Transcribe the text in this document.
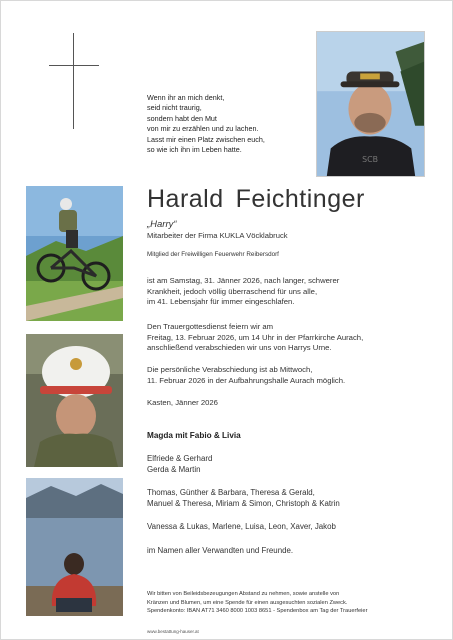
Wenn ihr an mich denkt,
seid nicht traurig,
sondern habt den Mut
von mir zu erzählen und zu lachen.
Lasst mir einen Platz zwischen euch,
so wie ich ihn im Leben hatte.
SCB
Harald Feichtinger
„Harry“
Mitarbeiter der Firma KUKLA Vöcklabruck
Mitglied der Freiwilligen Feuerwehr Reibersdorf
ist am Samstag, 31. Jänner 2026, nach langer, schwerer
Krankheit, jedoch völlig überraschend für uns alle,
im 41. Lebensjahr für immer eingeschlafen.
Den Trauergottesdienst feiern wir am
Freitag, 13. Februar 2026, um 14 Uhr in der Pfarrkirche Aurach,
anschließend verabschieden wir uns von Harrys Urne.
Die persönliche Verabschiedung ist ab Mittwoch,
11. Februar 2026 in der Aufbahrungshalle Aurach möglich.
Kasten, Jänner 2026
Magda mit Fabio & Livia
Elfriede & Gerhard
Gerda & Martin
Thomas, Günther & Barbara, Theresa & Gerald,
Manuel & Theresa, Miriam & Simon, Christoph & Katrin
Vanessa & Lukas, Marlene, Luisa, Leon, Xaver, Jakob
im Namen aller Verwandten und Freunde.
Wir bitten von Beileidsbezeugungen Abstand zu nehmen, sowie anstelle von
Kränzen und Blumen, um eine Spende für einen ausgesuchten sozialen Zweck.
Spendenkonto: IBAN AT71 3460 8000 1003 8651 - Spendenbox am Tag der Trauerfeier
www.bestattung-hauser.at
